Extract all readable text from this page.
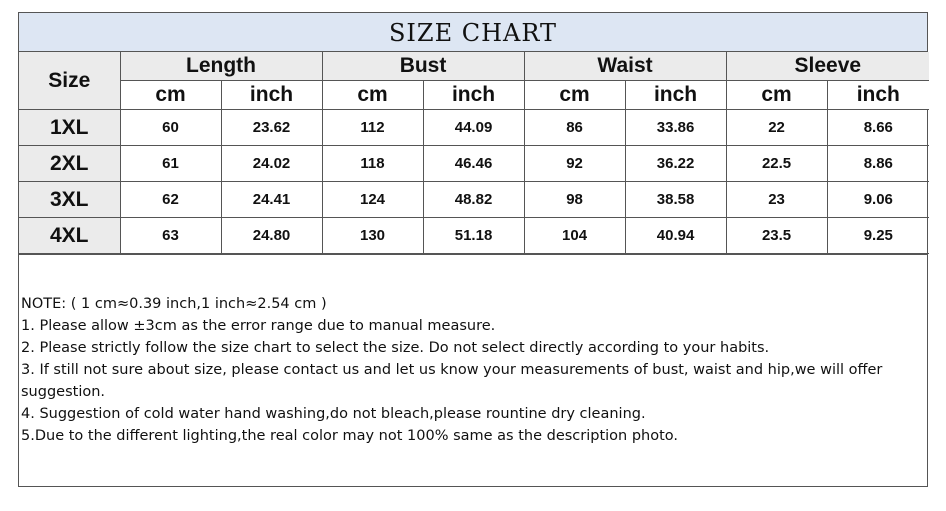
SIZE CHART
Size	Length		Bust		Waist		Sleeve	
	cm	inch	cm	inch	cm	inch	cm	inch
1XL	60	23.62	112	44.09	86	33.86	22	8.66
2XL	61	24.02	118	46.46	92	36.22	22.5	8.86
3XL	62	24.41	124	48.82	98	38.58	23	9.06
4XL	63	24.80	130	51.18	104	40.94	23.5	9.25

NOTE: ( 1 cm≈0.39 inch,1 inch≈2.54 cm )

1. Please allow ±3cm as the error range due to manual measure.

2. Please strictly follow the size chart to select the size. Do not select directly according to your habits.

3. If still not sure about size, please contact us and let us know your measurements of bust, waist and hip,we will offer suggestion.

4. Suggestion of cold water hand washing,do not bleach,please rountine dry cleaning.

5.Due to the different lighting,the real color may not 100% same as the description photo.
